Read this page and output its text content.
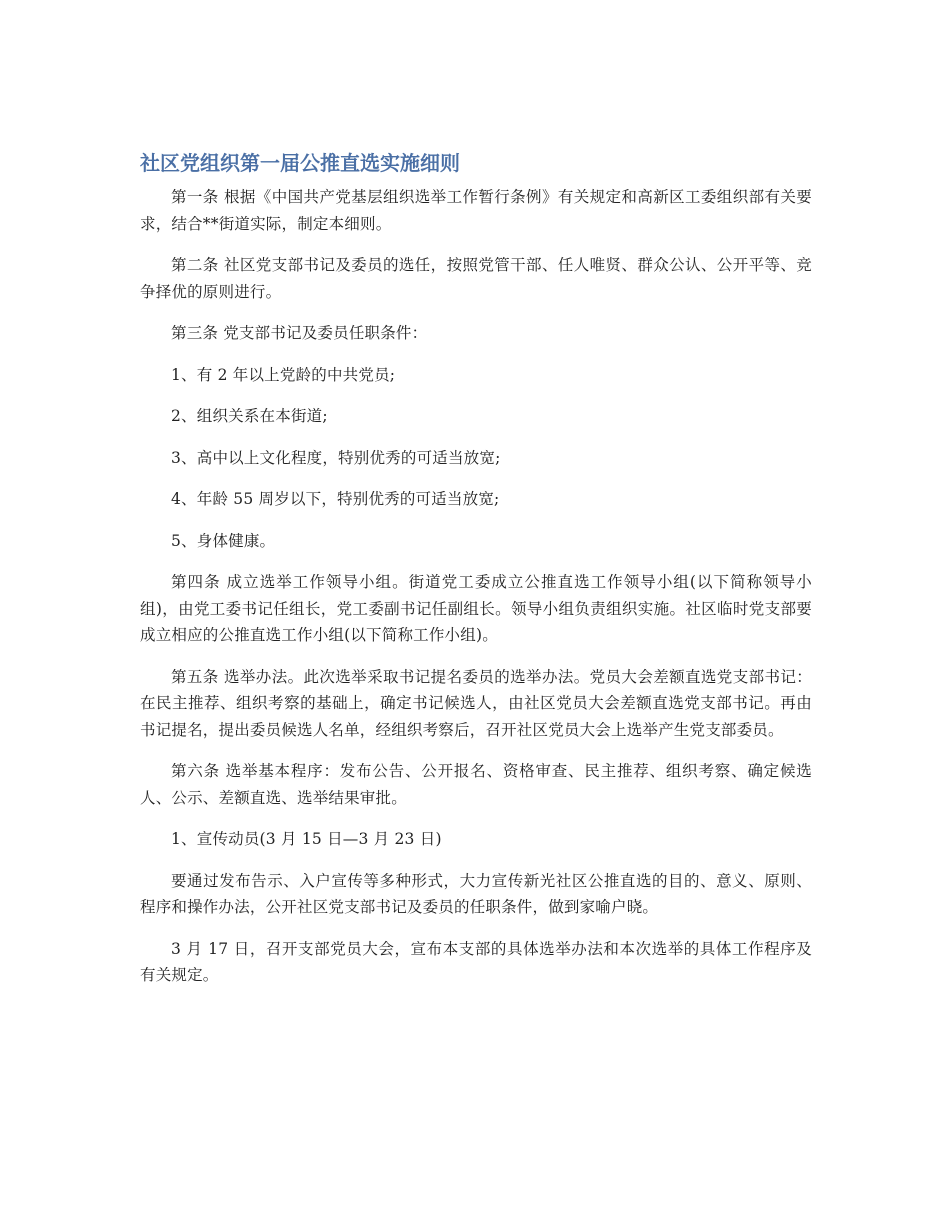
社区党组织第一届公推直选实施细则

第一条 根据《中国共产党基层组织选举工作暂行条例》有关规定和高新区工委组织部有关要求，结合**街道实际，制定本细则。

第二条 社区党支部书记及委员的选任，按照党管干部、任人唯贤、群众公认、公开平等、竞争择优的原则进行。

第三条 党支部书记及委员任职条件：

1、有 2 年以上党龄的中共党员;

2、组织关系在本街道;

3、高中以上文化程度，特别优秀的可适当放宽;

4、年龄 55 周岁以下，特别优秀的可适当放宽;

5、身体健康。

第四条 成立选举工作领导小组。街道党工委成立公推直选工作领导小组(以下简称领导小组)，由党工委书记任组长，党工委副书记任副组长。领导小组负责组织实施。社区临时党支部要成立相应的公推直选工作小组(以下简称工作小组)。

第五条 选举办法。此次选举采取书记提名委员的选举办法。党员大会差额直选党支部书记：在民主推荐、组织考察的基础上，确定书记候选人，由社区党员大会差额直选党支部书记。再由书记提名，提出委员候选人名单，经组织考察后，召开社区党员大会上选举产生党支部委员。

第六条 选举基本程序：发布公告、公开报名、资格审查、民主推荐、组织考察、确定候选人、公示、差额直选、选举结果审批。

1、宣传动员(3 月 15 日—3 月 23 日)

要通过发布告示、入户宣传等多种形式，大力宣传新光社区公推直选的目的、意义、原则、程序和操作办法，公开社区党支部书记及委员的任职条件，做到家喻户晓。

3 月 17 日，召开支部党员大会，宣布本支部的具体选举办法和本次选举的具体工作程序及有关规定。
